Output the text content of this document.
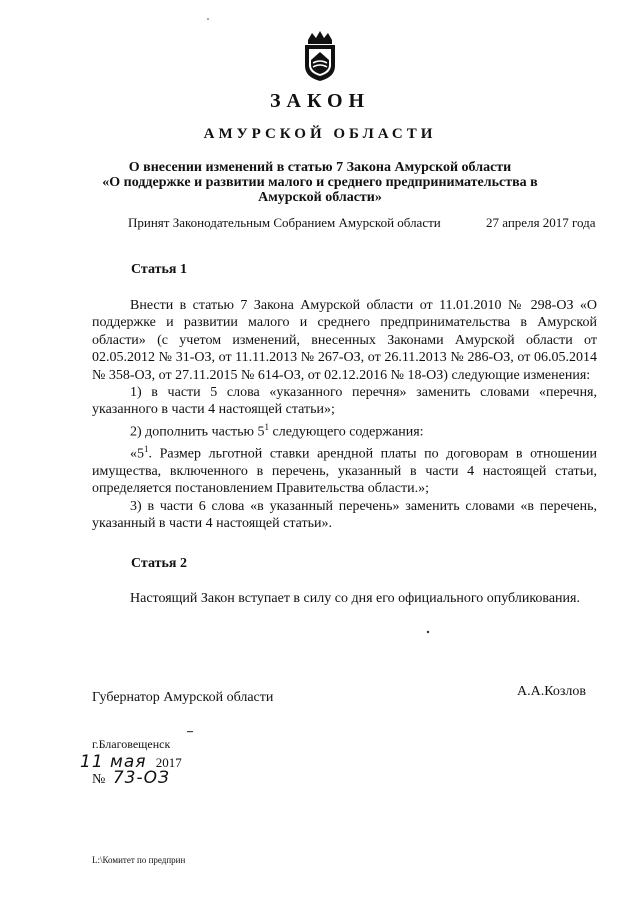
ЗАКОН
АМУРСКОЙ ОБЛАСТИ
О внесении изменений в статью 7 Закона Амурской области
«О поддержке и развитии малого и среднего предпринимательства в
Амурской области»
Принят Законодательным Собранием Амурской области	27 апреля 2017 года
Статья 1

Внести в статью 7 Закона Амурской области от 11.01.2010 № 298-ОЗ «О поддержке и развитии малого и среднего предпринимательства в Амурской области» (с учетом изменений, внесенных Законами Амурской области от 02.05.2012 № 31-ОЗ, от 11.11.2013 № 267-ОЗ, от 26.11.2013 № 286-ОЗ, от 06.05.2014 № 358-ОЗ, от 27.11.2015 № 614-ОЗ, от 02.12.2016 № 18-ОЗ) следующие изменения:

1) в части 5 слова «указанного перечня» заменить словами «перечня, указанного в части 4 настоящей статьи»;

2) дополнить частью $5^1$ следующего содержания:

«$5^1$. Размер льготной ставки арендной платы по договорам в отношении имущества, включенного в перечень, указанный в части 4 настоящей статьи, определяется постановлением Правительства области.»;

3) в части 6 слова «в указанный перечень» заменить словами «в перечень, указанный в части 4 настоящей статьи».

Статья 2

Настоящий Закон вступает в силу со дня его официального опубликования.

Губернатор Амурской области	А.А.Козлов
г.Благовещенск
11 мая 2017
№ 73-ОЗ
L:\Комитет по предприн
